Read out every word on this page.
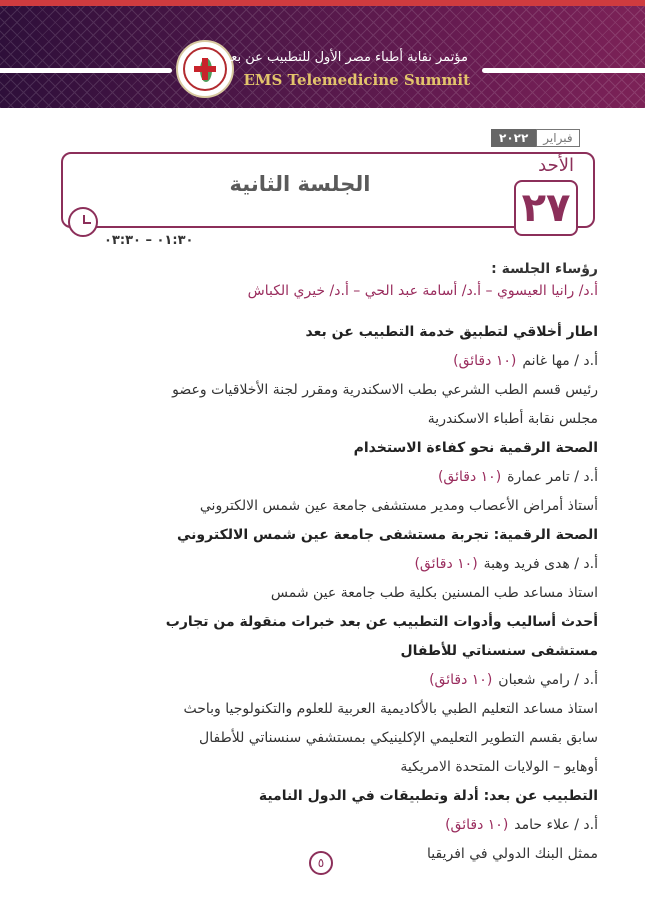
مؤتمر نقابة أطباء مصر الأول للتطبيب عن بعد
EMS Telemedicine Summit
٢٠٢٢	فبراير
الجلسة الثانية
الأحد
٢٧
٠١:٣٠ – ٠٣:٣٠
رؤساء الجلسة :
أ.د/ رانيا العيسوي – أ.د/ أسامة عبد الحي – أ.د/ خيري الكباش
اطار أخلاقي لتطبيق خدمة التطبيب عن بعد
أ.د / مها غانم(١٠ دقائق)
رئيس قسم الطب الشرعي بطب الاسكندرية ومقرر لجنة الأخلاقيات وعضو
مجلس نقابة أطباء الاسكندرية
الصحة الرقمية نحو كفاءة الاستخدام
أ.د / تامر عمارة(١٠ دقائق)
أستاذ أمراض الأعصاب ومدير مستشفى جامعة عين شمس الالكتروني
الصحة الرقمية: تجربة مستشفى جامعة عين شمس الالكتروني
أ.د / هدى فريد وهبة(١٠ دقائق)
استاذ مساعد طب المسنين بكلية طب جامعة عين شمس
أحدث أساليب وأدوات التطبيب عن بعد خبرات منقولة من تجارب
مستشفى سنسناتي للأطفال
أ.د / رامي شعبان(١٠ دقائق)
استاذ مساعد التعليم الطبي بالأكاديمية العربية للعلوم والتكنولوجيا وباحث
سابق بقسم التطوير التعليمي الإكلينيكي بمستشفي سنسناتي للأطفال
أوهايو – الولايات المتحدة الامريكية
التطبيب عن بعد: أدلة وتطبيقات في الدول النامية
أ.د / علاء حامد(١٠ دقائق)
ممثل البنك الدولي في افريقيا
٥
